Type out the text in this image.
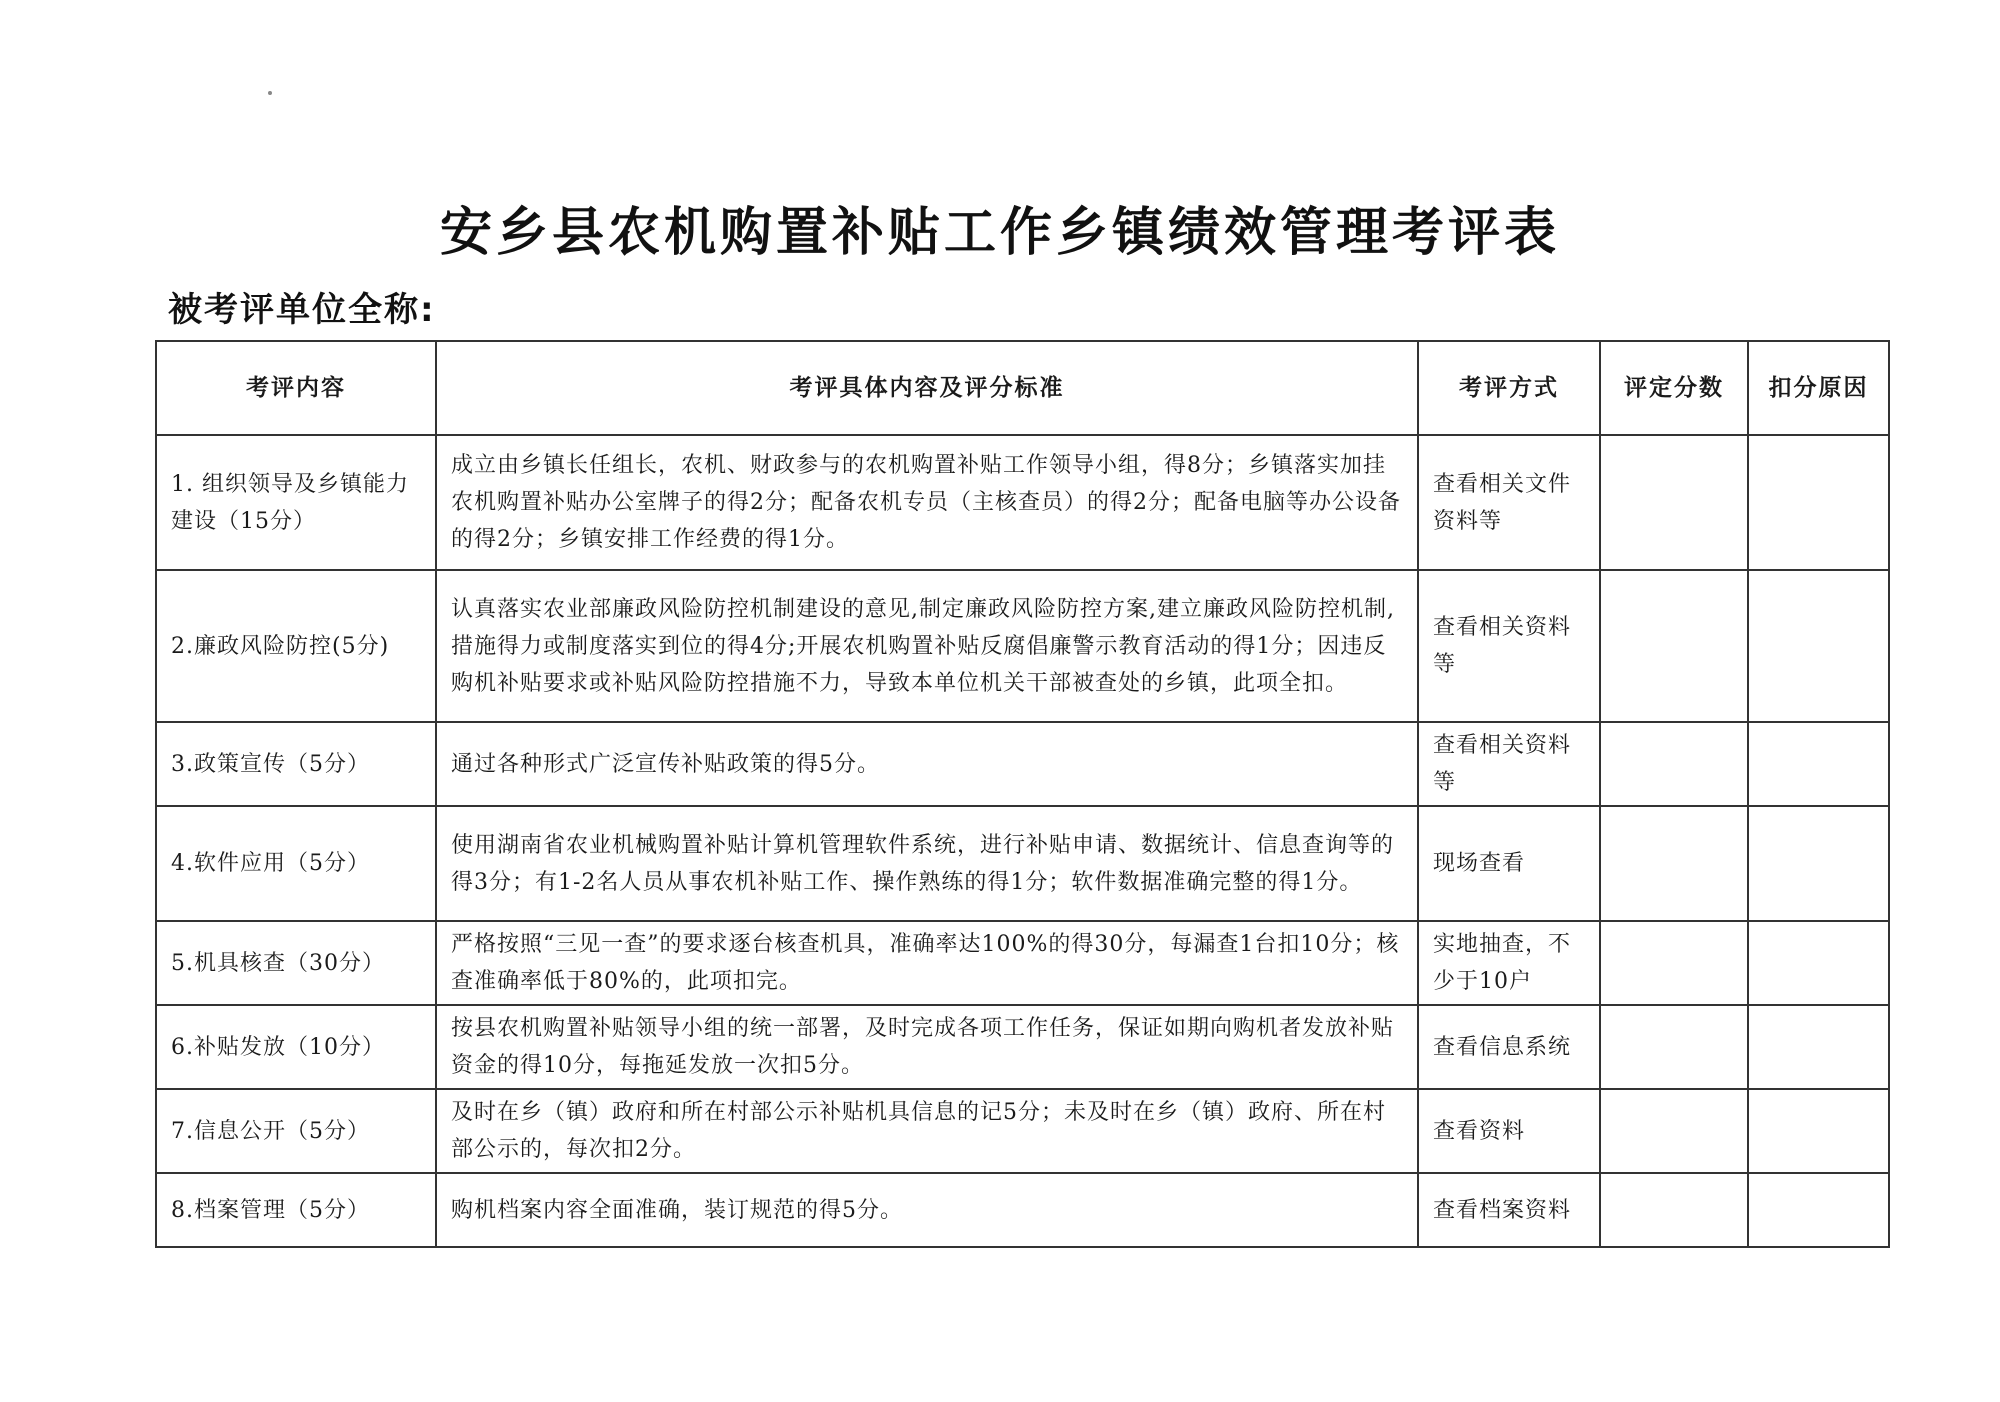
安乡县农机购置补贴工作乡镇绩效管理考评表
被考评单位全称:
考评内容	考评具体内容及评分标准	考评方式	评定分数	扣分原因
1. 组织领导及乡镇能力建设（15分）	成立由乡镇长任组长，农机、财政参与的农机购置补贴工作领导小组，得8分；乡镇落实加挂农机购置补贴办公室牌子的得2分；配备农机专员（主核查员）的得2分；配备电脑等办公设备的得2分；乡镇安排工作经费的得1分。	查看相关文件资料等		
2.廉政风险防控(5分)	认真落实农业部廉政风险防控机制建设的意见,制定廉政风险防控方案,建立廉政风险防控机制,措施得力或制度落实到位的得4分;开展农机购置补贴反腐倡廉警示教育活动的得1分；因违反购机补贴要求或补贴风险防控措施不力，导致本单位机关干部被查处的乡镇，此项全扣。	查看相关资料等		
3.政策宣传（5分）	通过各种形式广泛宣传补贴政策的得5分。	查看相关资料等		
4.软件应用（5分）	使用湖南省农业机械购置补贴计算机管理软件系统，进行补贴申请、数据统计、信息查询等的得3分；有1-2名人员从事农机补贴工作、操作熟练的得1分；软件数据准确完整的得1分。	现场查看		
5.机具核查（30分）	严格按照“三见一查”的要求逐台核查机具，准确率达100%的得30分，每漏查1台扣10分；核查准确率低于80%的，此项扣完。	实地抽查，不少于10户		
6.补贴发放（10分）	按县农机购置补贴领导小组的统一部署，及时完成各项工作任务，保证如期向购机者发放补贴资金的得10分，每拖延发放一次扣5分。	查看信息系统		
7.信息公开（5分）	及时在乡（镇）政府和所在村部公示补贴机具信息的记5分；未及时在乡（镇）政府、所在村部公示的，每次扣2分。	查看资料		
8.档案管理（5分）	购机档案内容全面准确，装订规范的得5分。	查看档案资料		
